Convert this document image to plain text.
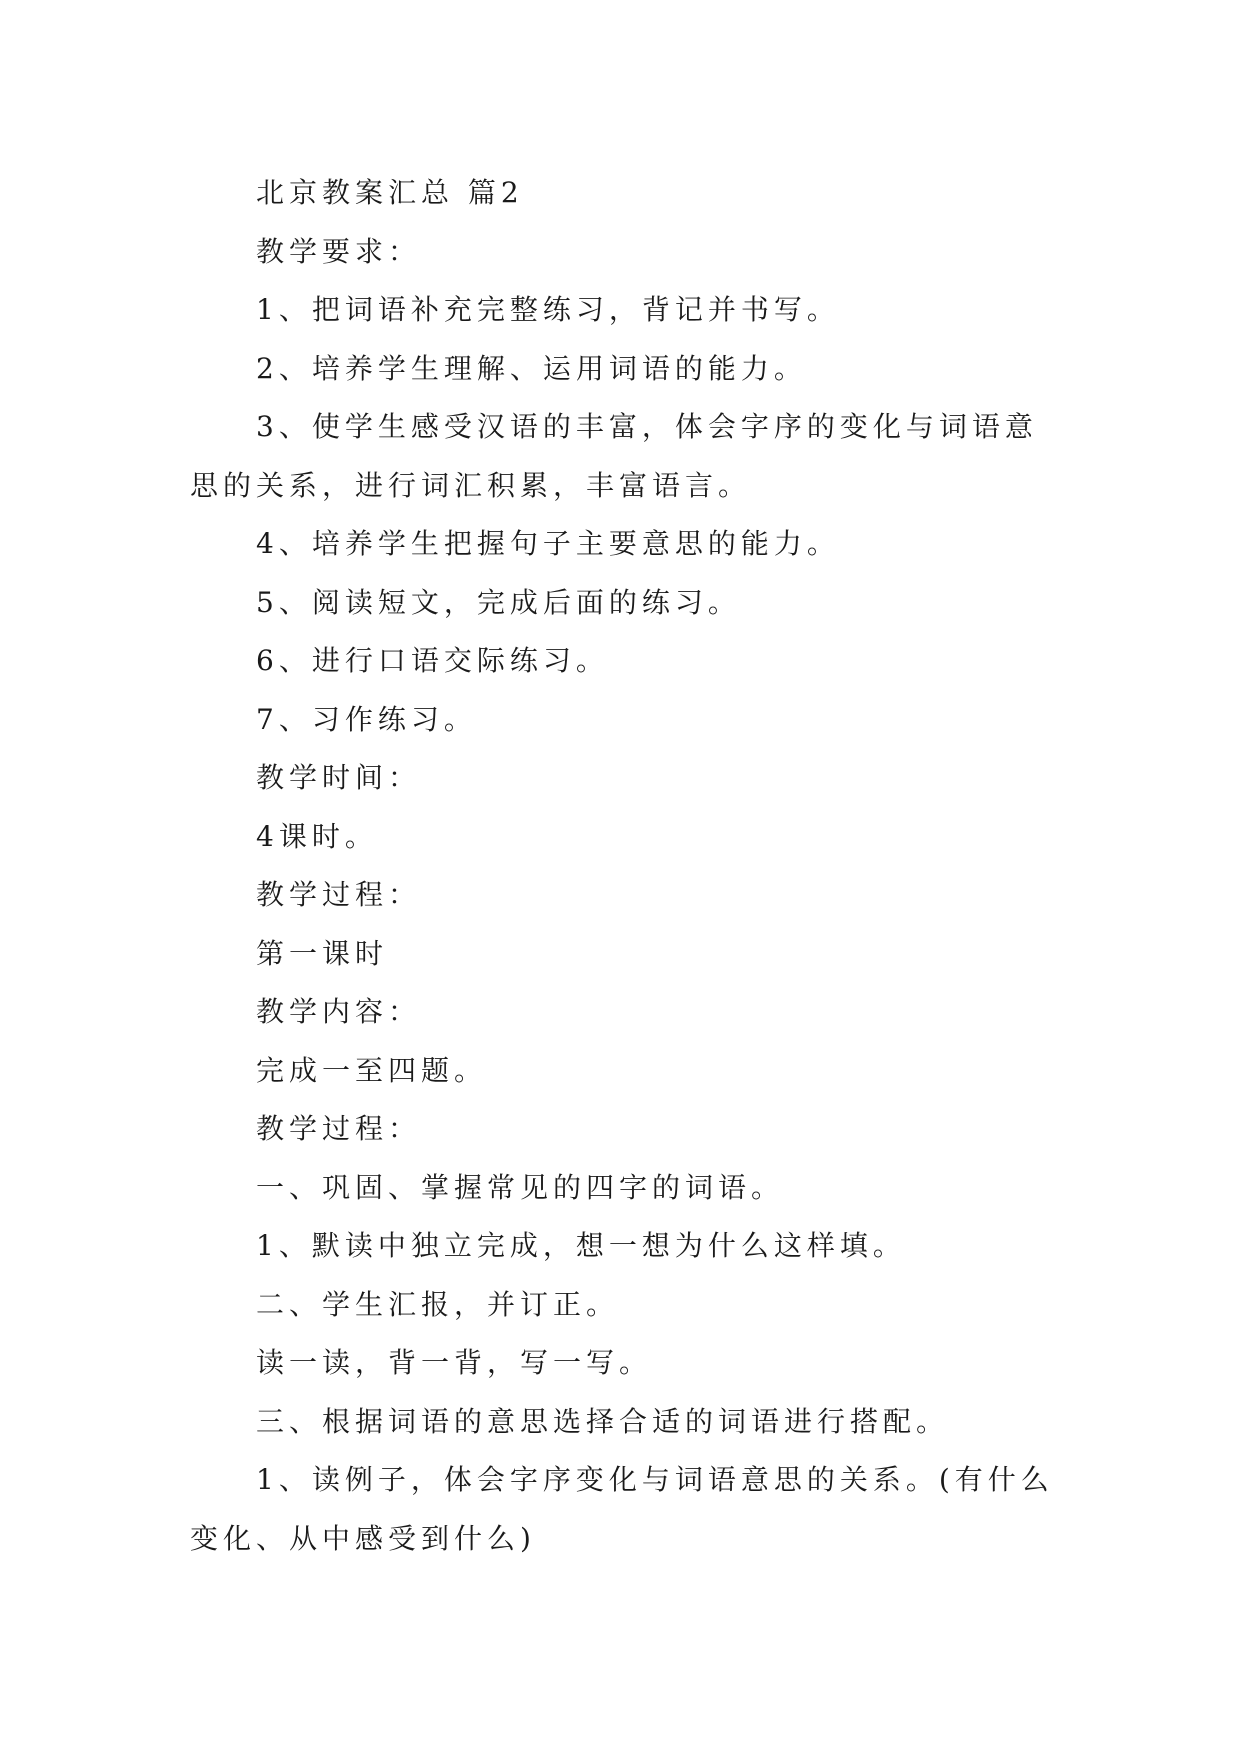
北京教案汇总 篇2

教学要求：

1、把词语补充完整练习，背记并书写。

2、培养学生理解、运用词语的能力。

3、使学生感受汉语的丰富，体会字序的变化与词语意思的关系，进行词汇积累，丰富语言。

4、培养学生把握句子主要意思的能力。

5、阅读短文，完成后面的练习。

6、进行口语交际练习。

7、习作练习。

教学时间：

4课时。

教学过程：

第一课时

教学内容：

完成一至四题。

教学过程：

一、巩固、掌握常见的四字的词语。

1、默读中独立完成，想一想为什么这样填。

二、学生汇报，并订正。

读一读，背一背，写一写。

三、根据词语的意思选择合适的词语进行搭配。

1、读例子，体会字序变化与词语意思的关系。(有什么变化、从中感受到什么)
